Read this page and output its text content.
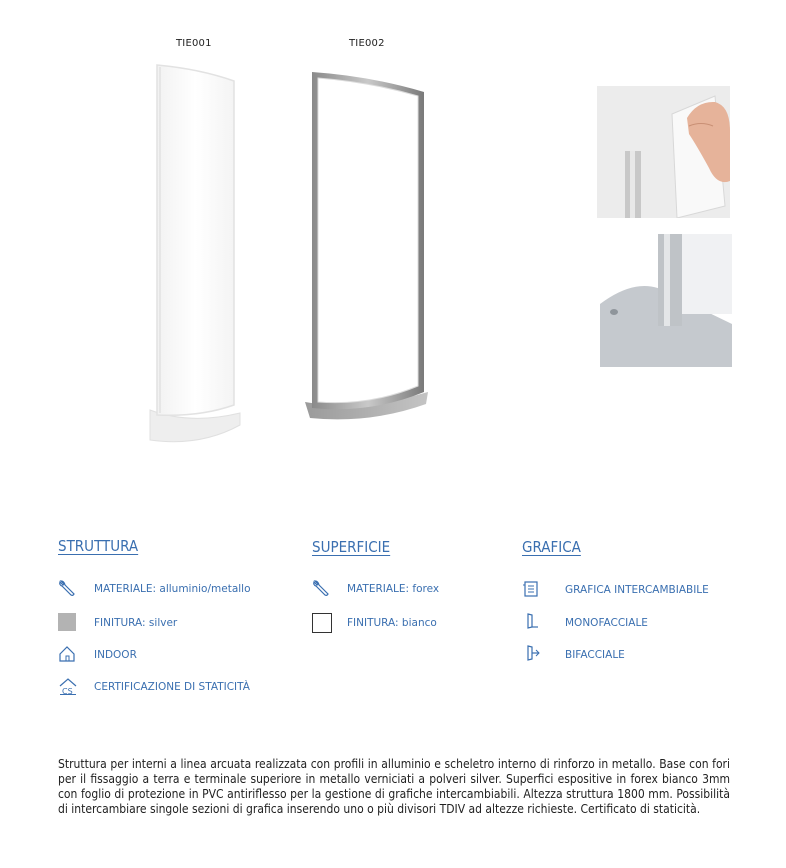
TIE001	TIE002
STRUTTURA
MATERIALE: alluminio/metallo
FINITURA: silver
INDOOR
CS CERTIFICAZIONE DI STATICITÀ
SUPERFICIE
MATERIALE: forex
FINITURA: bianco
GRAFICA
GRAFICA INTERCAMBIABILE
MONOFACCIALE
BIFACCIALE
Struttura per interni a linea arcuata realizzata con profili in alluminio e scheletro interno di rinforzo in metallo. Base con fori per il fissaggio a terra e terminale superiore in metallo verniciati a polveri silver. Superfici espositive in forex bianco 3mm con foglio di protezione in PVC antiriflesso per la gestione di grafiche intercambiabili. Altezza struttura 1800 mm. Possibilità di intercambiare singole sezioni di grafica inserendo uno o più divisori TDIV ad altezze richieste. Certificato di staticità.
